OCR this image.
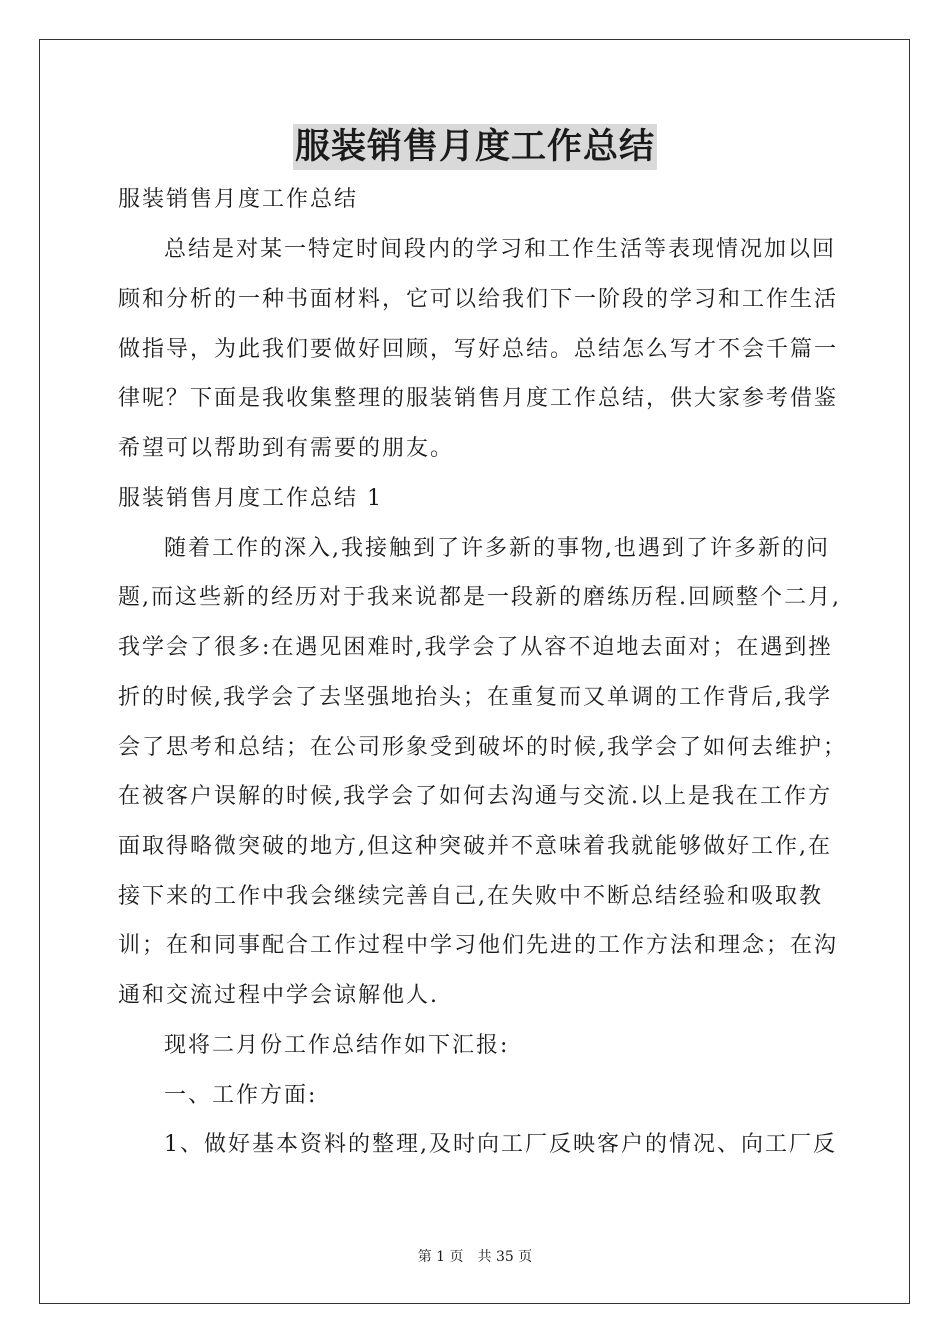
服装销售月度工作总结
服装销售月度工作总结
总结是对某一特定时间段内的学习和工作生活等表现情况加以回
顾和分析的一种书面材料，它可以给我们下一阶段的学习和工作生活
做指导，为此我们要做好回顾，写好总结。总结怎么写才不会千篇一
律呢？下面是我收集整理的服装销售月度工作总结，供大家参考借鉴
希望可以帮助到有需要的朋友。
服装销售月度工作总结 1
随着工作的深入,我接触到了许多新的事物,也遇到了许多新的问
题,而这些新的经历对于我来说都是一段新的磨练历程.回顾整个二月,
我学会了很多:在遇见困难时,我学会了从容不迫地去面对；在遇到挫
折的时候,我学会了去坚强地抬头；在重复而又单调的工作背后,我学
会了思考和总结；在公司形象受到破坏的时候,我学会了如何去维护；
在被客户误解的时候,我学会了如何去沟通与交流.以上是我在工作方
面取得略微突破的地方,但这种突破并不意味着我就能够做好工作,在
接下来的工作中我会继续完善自己,在失败中不断总结经验和吸取教
训；在和同事配合工作过程中学习他们先进的工作方法和理念；在沟
通和交流过程中学会谅解他人.
现将二月份工作总结作如下汇报:
一、工作方面:
1、做好基本资料的整理,及时向工厂反映客户的情况、向工厂反
第 1 页　共 35 页
